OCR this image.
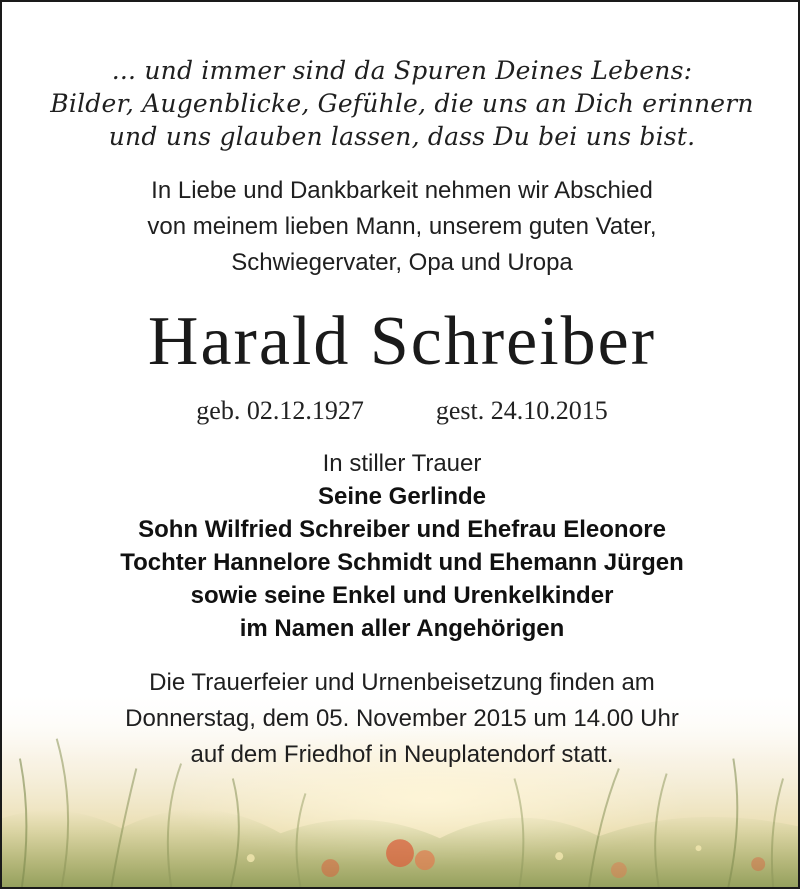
... und immer sind da Spuren Deines Lebens:
Bilder, Augenblicke, Gefühle, die uns an Dich erinnern
und uns glauben lassen, dass Du bei uns bist.
In Liebe und Dankbarkeit nehmen wir Abschied
von meinem lieben Mann, unserem guten Vater,
Schwiegervater, Opa und Uropa
Harald Schreiber
geb. 02.12.1927	gest. 24.10.2015
In stiller Trauer
Seine Gerlinde
Sohn Wilfried Schreiber und Ehefrau Eleonore
Tochter Hannelore Schmidt und Ehemann Jürgen
sowie seine Enkel und Urenkelkinder
im Namen aller Angehörigen
Die Trauerfeier und Urnenbeisetzung finden am
Donnerstag, dem 05. November 2015 um 14.00 Uhr
auf dem Friedhof in Neuplatendorf statt.
